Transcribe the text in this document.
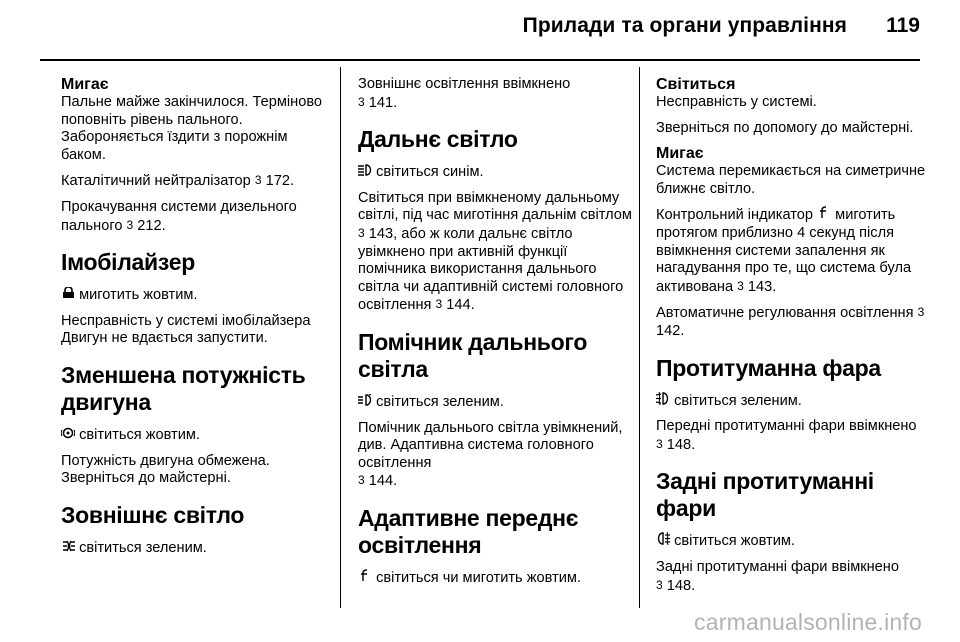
Прилади та органи управління 119
Мигає

Пальне майже закінчилося. Терміново поповніть рівень пального. Забороняється їздити з порожнім баком.

Каталітичний нейтралізатор 3 172.

Прокачування системи дизельного пального 3 212.

Імобілайзер

миготить жовтим.

Несправність у системі імобілайзера Двигун не вдається запустити.

Зменшена потужність двигуна

світиться жовтим.

Потужність двигуна обмежена. Зверніться до майстерні.

Зовнішнє світло

світиться зеленим.

Зовнішнє освітлення ввімкнено
3 141.

Дальнє світло

світиться синім.

Світиться при ввімкненому дальньому світлі, під час миготіння дальнім світлом 3 143, або ж коли дальнє світло увімкнено при активній функції помічника використання дальнього світла чи адаптивній системі головного освітлення 3 144.

Помічник дальнього світла

світиться зеленим.

Помічник дальнього світла увімкнений, див. Адаптивна система головного освітлення
3 144.

Адаптивне переднє освітлення

світиться чи миготить жовтим.

Світиться

Несправність у системі.

Зверніться по допомогу до майстерні.

Мигає

Система перемикається на симетричне ближнє світло.

Контрольний індикатор миготить протягом приблизно 4 секунд після ввімкнення системи запалення як нагадування про те, що система була активована 3 143.

Автоматичне регулювання освітлення 3 142.

Протитуманна фара

світиться зеленим.

Передні протитуманні фари ввімкнено 3 148.

Задні протитуманні фари

світиться жовтим.

Задні протитуманні фари ввімкнено
3 148.

carmanualsonline.info
